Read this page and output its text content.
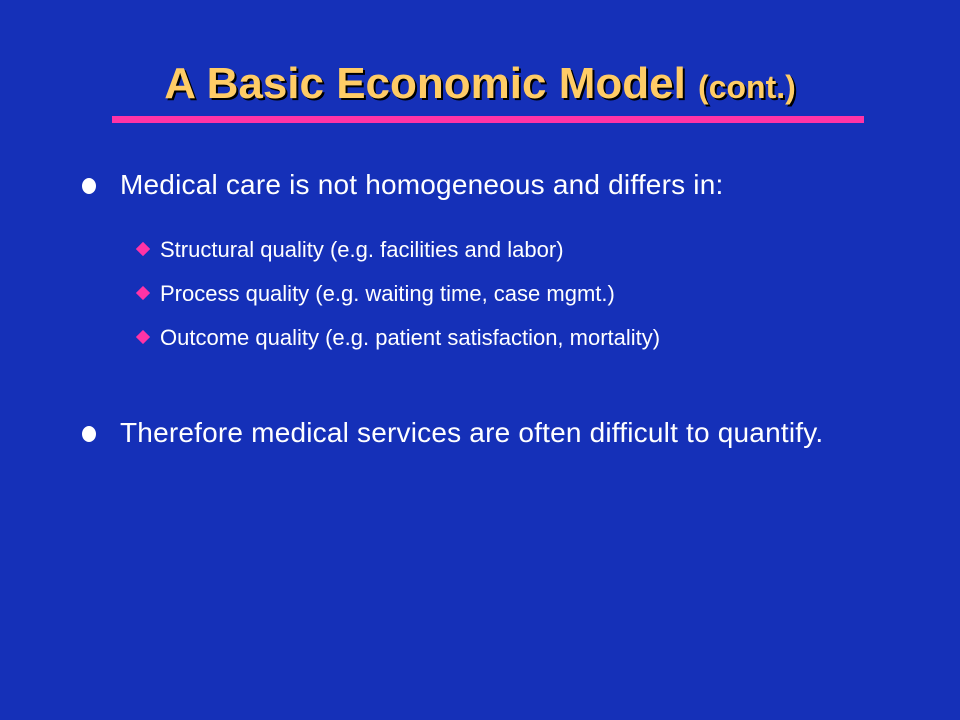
A Basic Economic Model (cont.)
Medical care is not homogeneous and differs in:
Structural quality (e.g. facilities and labor)
Process quality (e.g. waiting time, case mgmt.)
Outcome quality (e.g. patient satisfaction, mortality)
Therefore medical services are often difficult to quantify.
